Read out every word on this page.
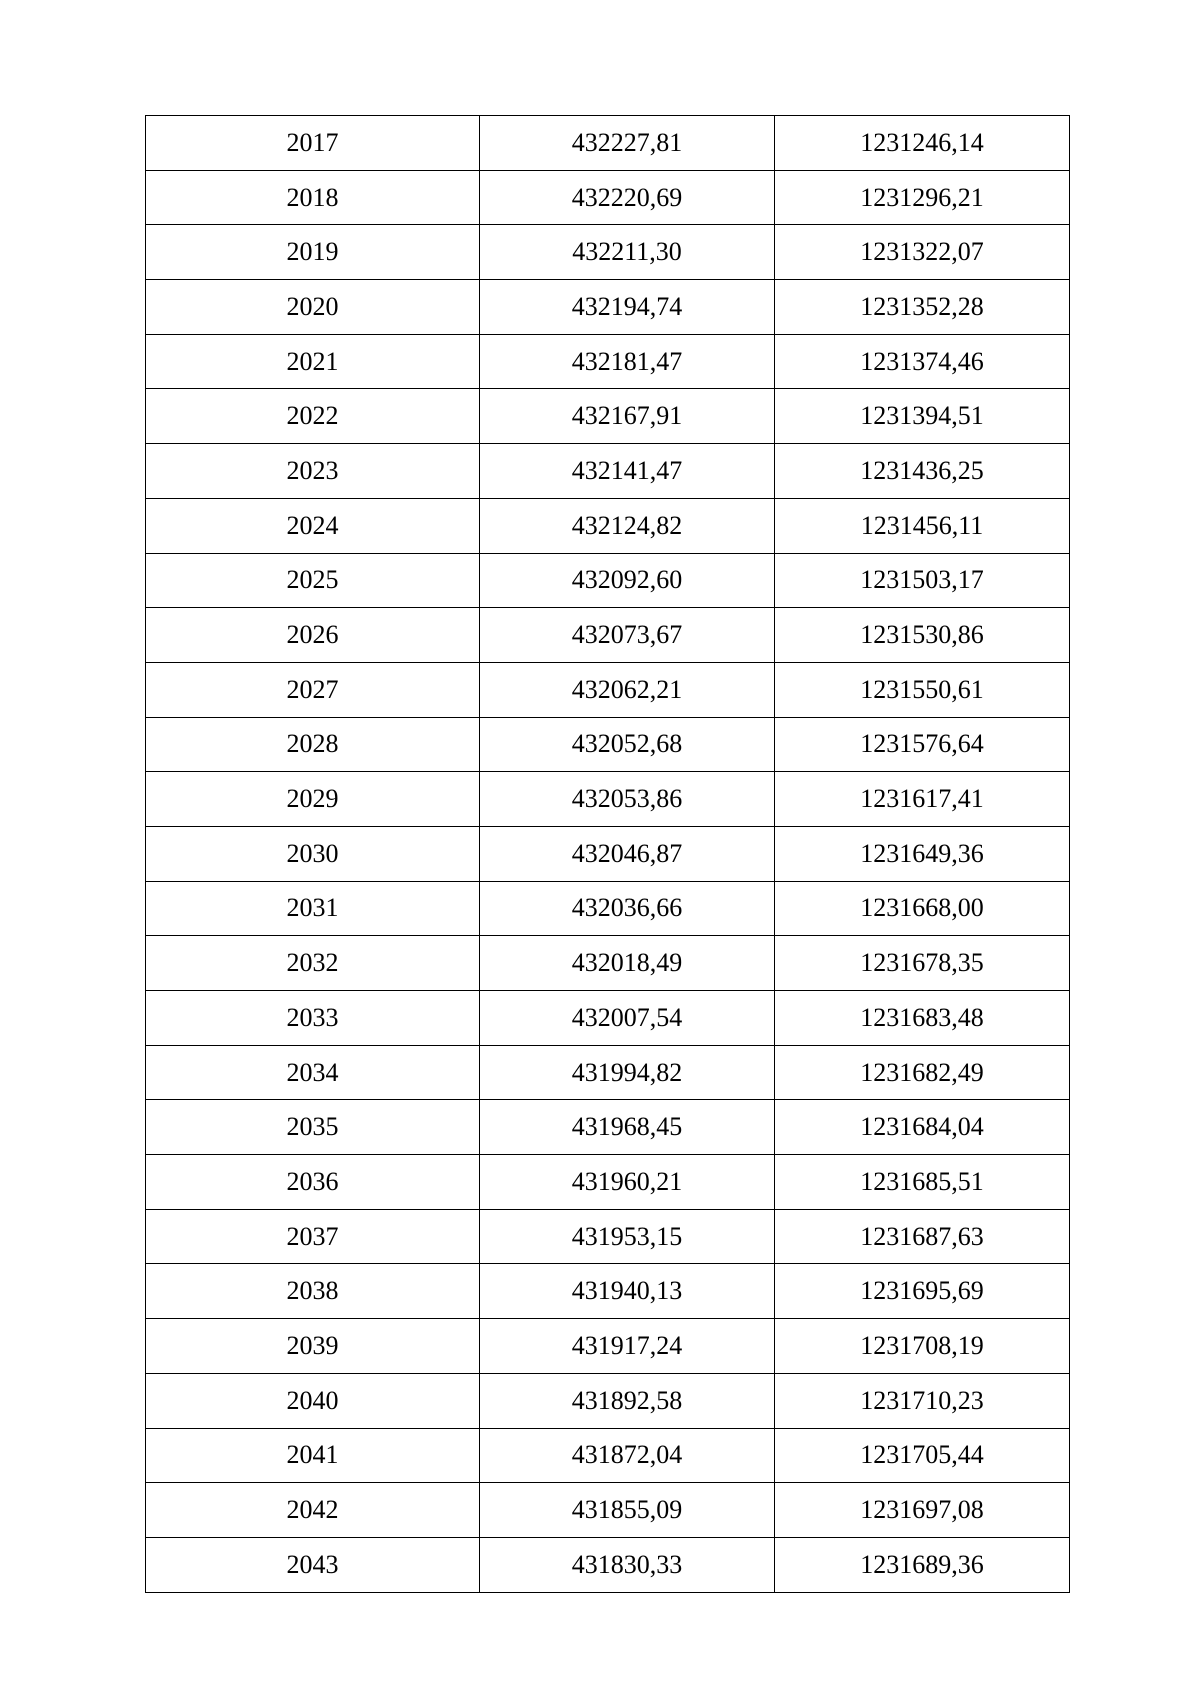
2017	432227,81	1231246,14
2018	432220,69	1231296,21
2019	432211,30	1231322,07
2020	432194,74	1231352,28
2021	432181,47	1231374,46
2022	432167,91	1231394,51
2023	432141,47	1231436,25
2024	432124,82	1231456,11
2025	432092,60	1231503,17
2026	432073,67	1231530,86
2027	432062,21	1231550,61
2028	432052,68	1231576,64
2029	432053,86	1231617,41
2030	432046,87	1231649,36
2031	432036,66	1231668,00
2032	432018,49	1231678,35
2033	432007,54	1231683,48
2034	431994,82	1231682,49
2035	431968,45	1231684,04
2036	431960,21	1231685,51
2037	431953,15	1231687,63
2038	431940,13	1231695,69
2039	431917,24	1231708,19
2040	431892,58	1231710,23
2041	431872,04	1231705,44
2042	431855,09	1231697,08
2043	431830,33	1231689,36
